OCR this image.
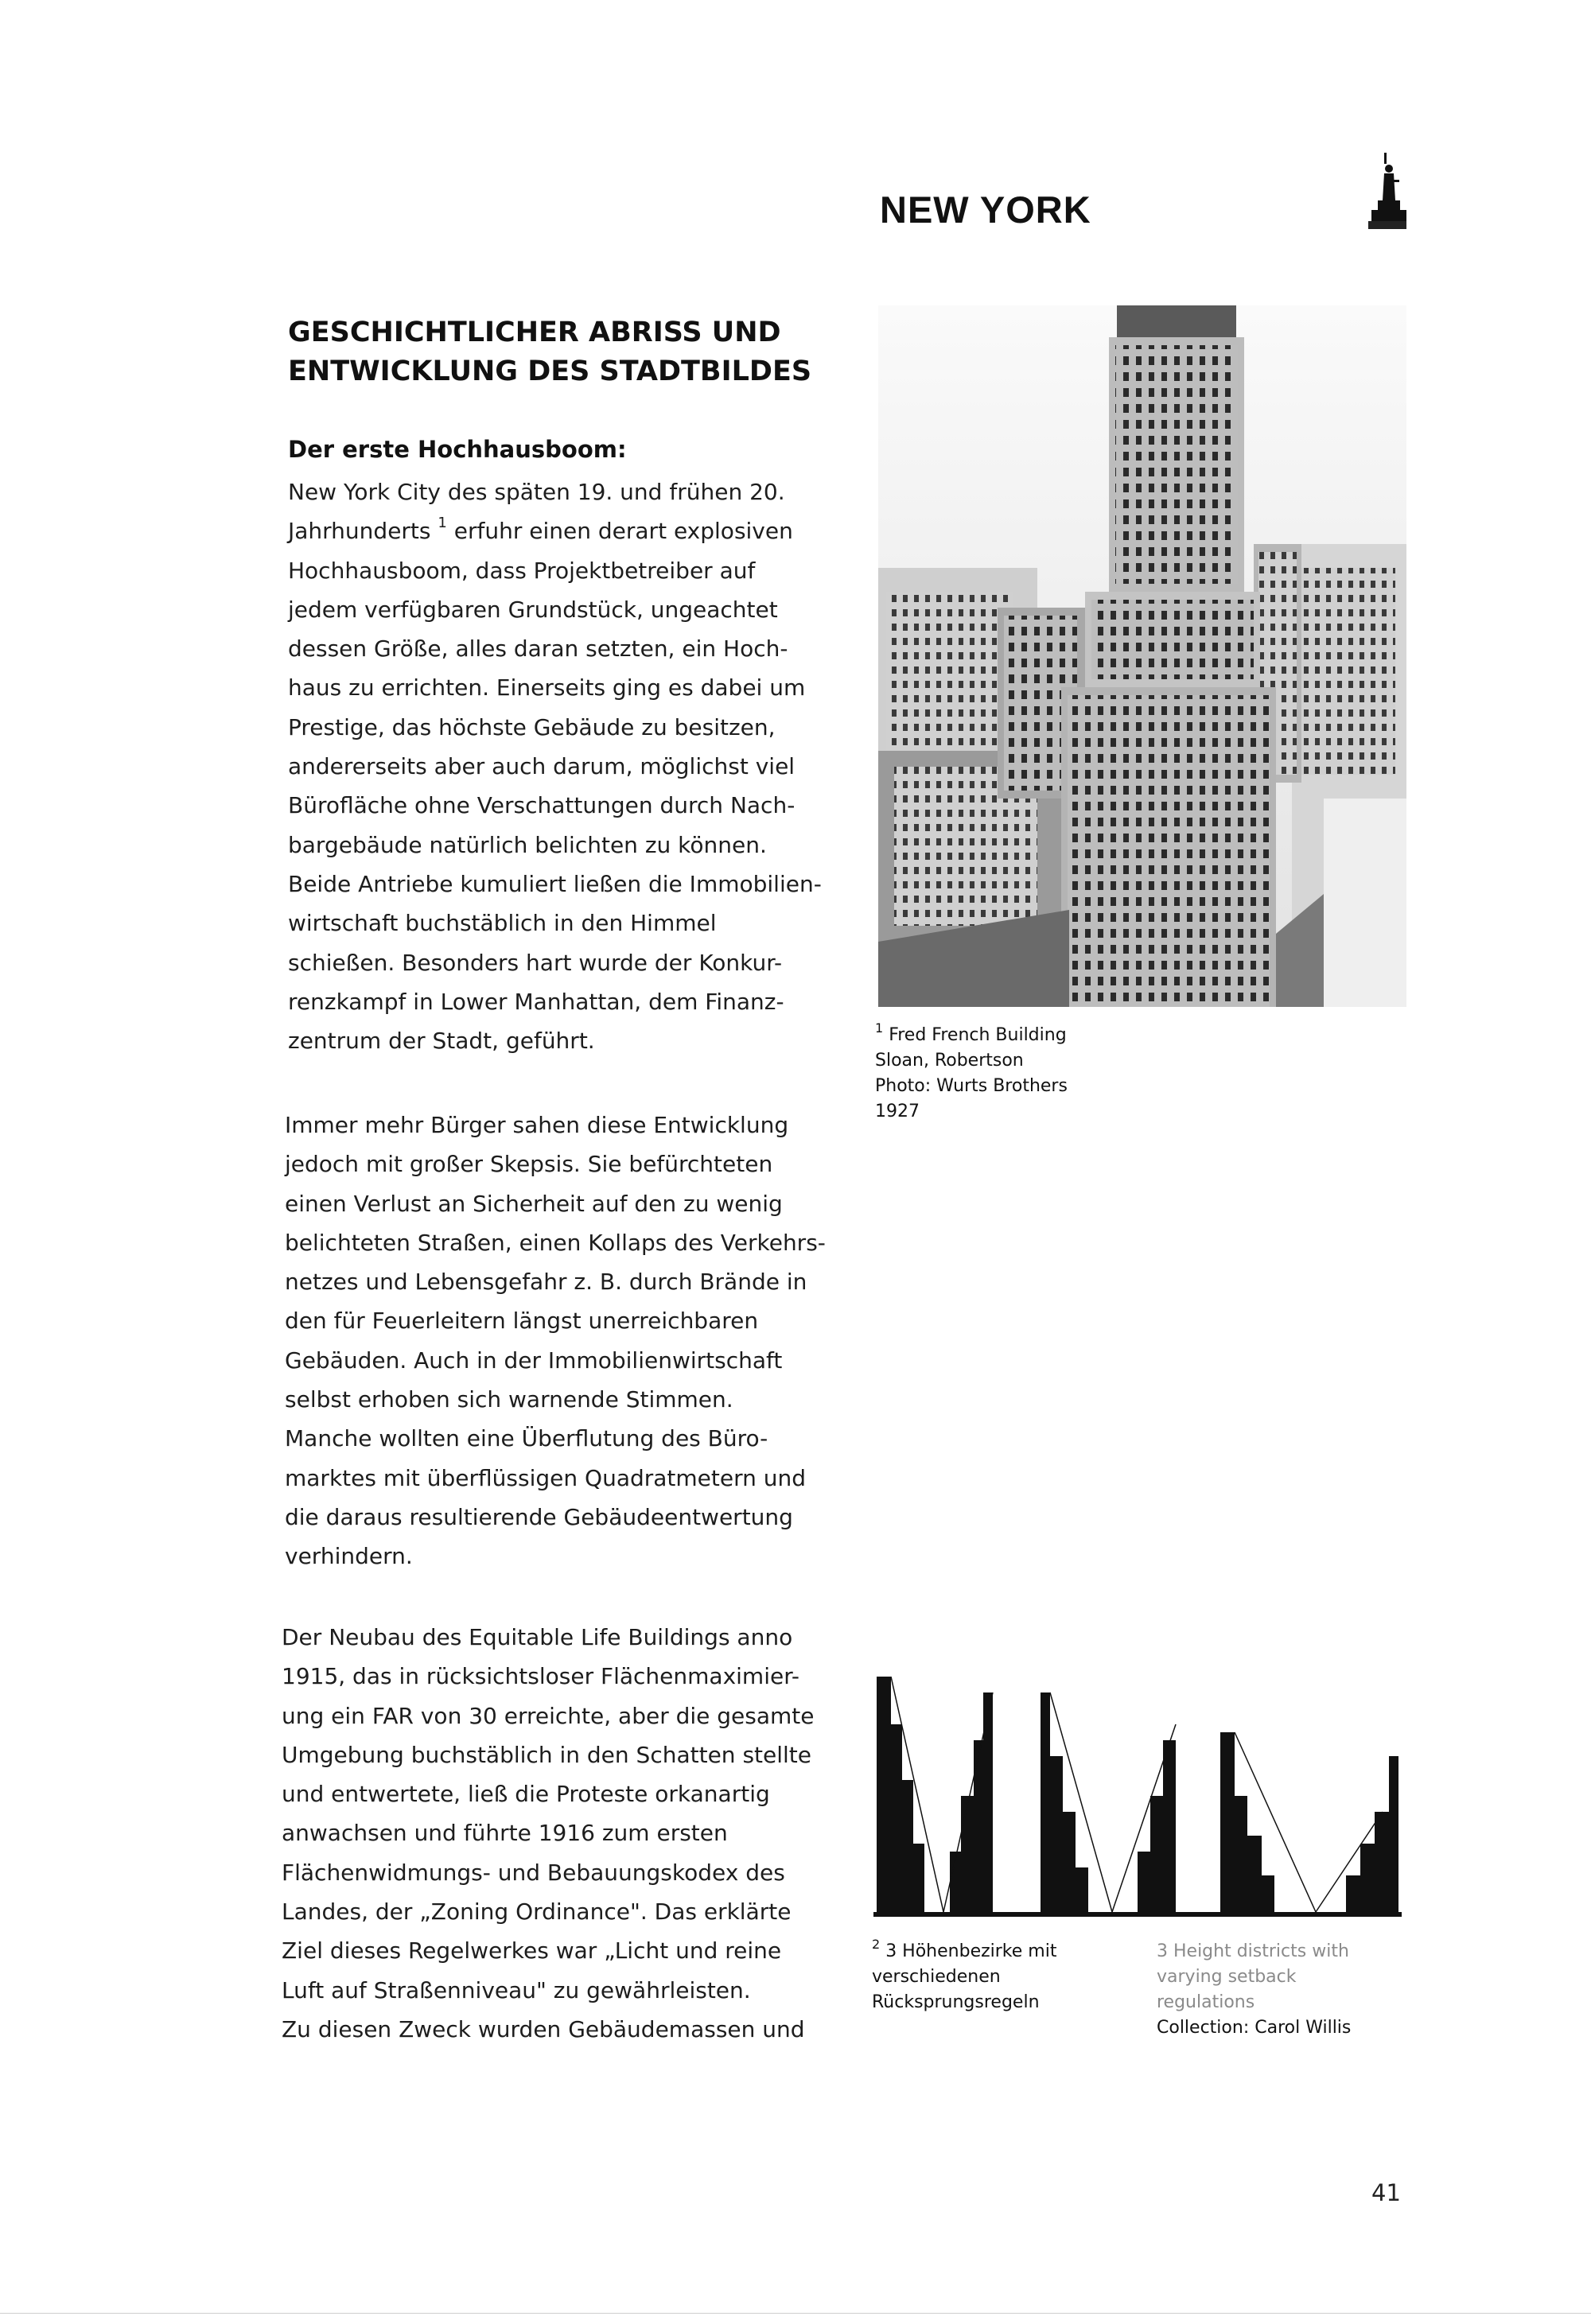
NEW YORK
GESCHICHTLICHER ABRISS UND
ENTWICKLUNG DES STADTBILDES
Der erste Hochhausboom:
New York City des späten 19. und frühen 20.
Jahrhunderts $^1$ erfuhr einen derart explosiven
Hochhausboom, dass Projektbetreiber auf
jedem verfügbaren Grundstück, ungeachtet
dessen Größe, alles daran setzten, ein Hoch-
haus zu errichten. Einerseits ging es dabei um
Prestige, das höchste Gebäude zu besitzen,
andererseits aber auch darum, möglichst viel
Bürofläche ohne Verschattungen durch Nach-
bargebäude natürlich belichten zu können.
Beide Antriebe kumuliert ließen die Immobilien-
wirtschaft buchstäblich in den Himmel
schießen. Besonders hart wurde der Konkur-
renzkampf in Lower Manhattan, dem Finanz-
zentrum der Stadt, geführt.
Immer mehr Bürger sahen diese Entwicklung
jedoch mit großer Skepsis. Sie befürchteten
einen Verlust an Sicherheit auf den zu wenig
belichteten Straßen, einen Kollaps des Verkehrs-
netzes und Lebensgefahr z. B. durch Brände in
den für Feuerleitern längst unerreichbaren
Gebäuden. Auch in der Immobilienwirtschaft
selbst erhoben sich warnende Stimmen.
Manche wollten eine Überflutung des Büro-
marktes mit überflüssigen Quadratmetern und
die daraus resultierende Gebäudeentwertung
verhindern.
Der Neubau des Equitable Life Buildings anno
1915, das in rücksichtsloser Flächenmaximier-
ung ein FAR von 30 erreichte, aber die gesamte
Umgebung buchstäblich in den Schatten stellte
und entwertete, ließ die Proteste orkanartig
anwachsen und führte 1916 zum ersten
Flächenwidmungs- und Bebauungskodex des
Landes, der „Zoning Ordinance". Das erklärte
Ziel dieses Regelwerkes war „Licht und reine
Luft auf Straßenniveau" zu gewährleisten.
Zu diesen Zweck wurden Gebäudemassen und
$^1$ Fred French Building
Sloan, Robertson
Photo: Wurts Brothers
1927
$^2$ 3 Höhenbezirke mit
verschiedenen
Rücksprungsregeln
3 Height districts with
varying setback
regulations
Collection: Carol Willis
41
